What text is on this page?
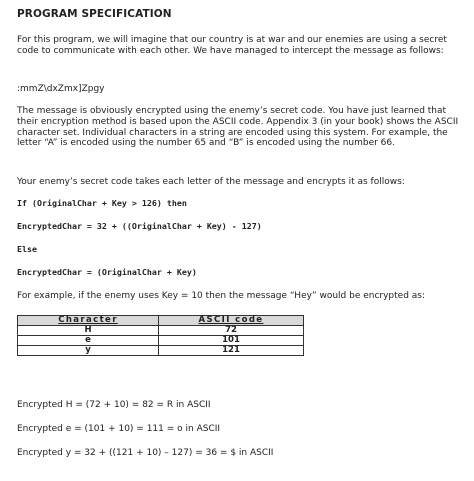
PROGRAM SPECIFICATION

For this program, we will imagine that our country is at war and our enemies are using a secret code to communicate with each other. We have managed to intercept the message as follows:

:mmZ\dxZmx]Zpgy

The message is obviously encrypted using the enemy’s secret code. You have just learned that their encryption method is based upon the ASCII code. Appendix 3 (in your book) shows the ASCII character set. Individual characters in a string are encoded using this system. For example, the letter “A” is encoded using the number 65 and “B” is encoded using the number 66.

Your enemy’s secret code takes each letter of the message and encrypts it as follows:

If (OriginalChar + Key > 126) then
EncryptedChar = 32 + ((OriginalChar + Key) - 127)
Else
EncryptedChar = (OriginalChar + Key)

For example, if the enemy uses Key = 10 then the message “Hey” would be encrypted as:

Character	ASCII code
H	72
e	101
y	121
Encrypted H = (72 + 10) = 82 = R in ASCII
Encrypted e = (101 + 10) = 111 = o in ASCII
Encrypted y = 32 + ((121 + 10) – 127) = 36 = $ in ASCII
